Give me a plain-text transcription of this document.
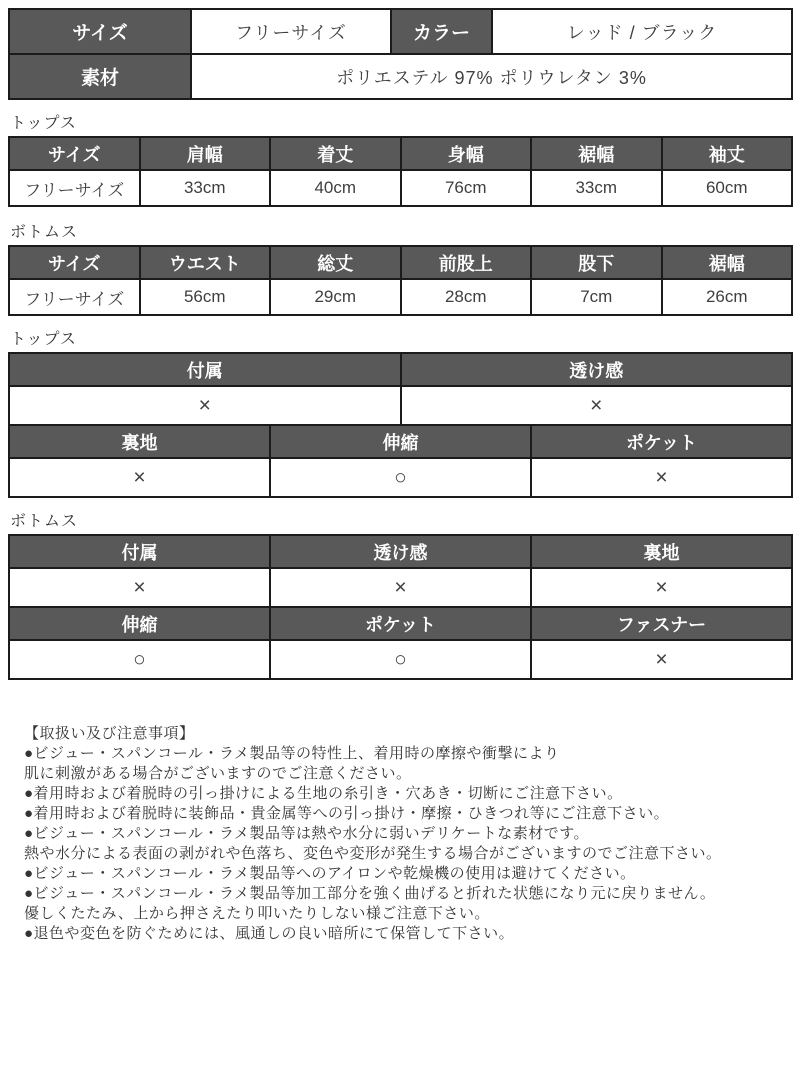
サイズ	フリーサイズ	カラー	レッド / ブラック
素材	ポリエステル 97% ポリウレタン 3%		
トップス
サイズ	肩幅	着丈	身幅	裾幅	袖丈
フリーサイズ	33cm	40cm	76cm	33cm	60cm
ボトムス
サイズ	ウエスト	総丈	前股上	股下	裾幅
フリーサイズ	56cm	29cm	28cm	7cm	26cm
トップス
付属		透け感	
×		×	
裏地	伸縮		ポケット
×	○		×
ボトムス
付属	透け感	裏地
×	×	×
伸縮	ポケット	ファスナー
○	○	×
【取扱い及び注意事項】
●ビジュー・スパンコール・ラメ製品等の特性上、着用時の摩擦や衝撃により
肌に刺激がある場合がございますのでご注意ください。
●着用時および着脱時の引っ掛けによる生地の糸引き・穴あき・切断にご注意下さい。
●着用時および着脱時に装飾品・貴金属等への引っ掛け・摩擦・ひきつれ等にご注意下さい。
●ビジュー・スパンコール・ラメ製品等は熱や水分に弱いデリケートな素材です。
熱や水分による表面の剥がれや色落ち、変色や変形が発生する場合がございますのでご注意下さい。
●ビジュー・スパンコール・ラメ製品等へのアイロンや乾燥機の使用は避けてください。
●ビジュー・スパンコール・ラメ製品等加工部分を強く曲げると折れた状態になり元に戻りません。
優しくたたみ、上から押さえたり叩いたりしない様ご注意下さい。
●退色や変色を防ぐためには、風通しの良い暗所にて保管して下さい。
